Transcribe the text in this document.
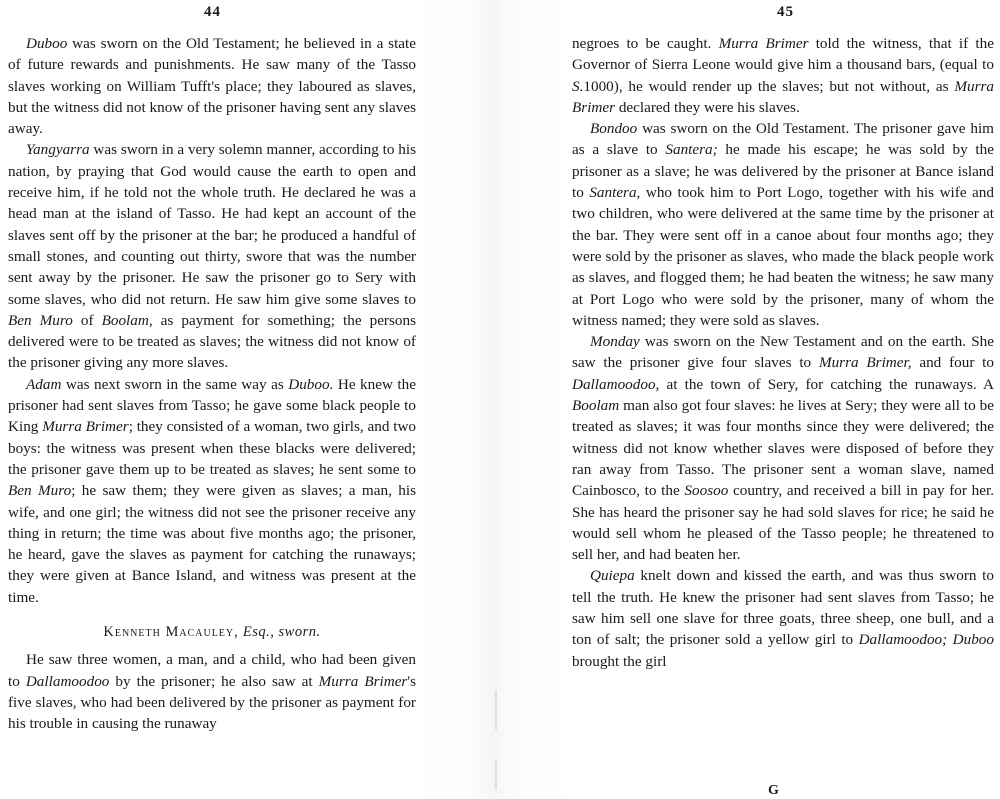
44

Duboo was sworn on the Old Testament; he believed in a state of future rewards and punishments. He saw many of the Tasso slaves working on William Tufft's place; they laboured as slaves, but the witness did not know of the prisoner having sent any slaves away.

Yangyarra was sworn in a very solemn manner, according to his nation, by praying that God would cause the earth to open and receive him, if he told not the whole truth. He declared he was a head man at the island of Tasso. He had kept an account of the slaves sent off by the prisoner at the bar; he produced a handful of small stones, and counting out thirty, swore that was the number sent away by the prisoner. He saw the prisoner go to Sery with some slaves, who did not return. He saw him give some slaves to Ben Muro of Boolam, as payment for something; the persons delivered were to be treated as slaves; the witness did not know of the prisoner giving any more slaves.

Adam was next sworn in the same way as Duboo. He knew the prisoner had sent slaves from Tasso; he gave some black people to King Murra Brimer; they consisted of a woman, two girls, and two boys: the witness was present when these blacks were delivered; the prisoner gave them up to be treated as slaves; he sent some to Ben Muro; he saw them; they were given as slaves; a man, his wife, and one girl; the witness did not see the prisoner receive any thing in return; the time was about five months ago; the prisoner, he heard, gave the slaves as payment for catching the runaways; they were given at Bance Island, and witness was present at the time.

Kenneth Macauley, Esq., sworn.

He saw three women, a man, and a child, who had been given to Dallamoodoo by the prisoner; he also saw at Murra Brimer's five slaves, who had been delivered by the prisoner as payment for his trouble in causing the runaway

45

negroes to be caught. Murra Brimer told the witness, that if the Governor of Sierra Leone would give him a thousand bars, (equal to S.1000), he would render up the slaves; but not without, as Murra Brimer declared they were his slaves.

Bondoo was sworn on the Old Testament. The prisoner gave him as a slave to Santera; he made his escape; he was sold by the prisoner as a slave; he was delivered by the prisoner at Bance island to Santera, who took him to Port Logo, together with his wife and two children, who were delivered at the same time by the prisoner at the bar. They were sent off in a canoe about four months ago; they were sold by the prisoner as slaves, who made the black people work as slaves, and flogged them; he had beaten the witness; he saw many at Port Logo who were sold by the prisoner, many of whom the witness named; they were sold as slaves.

Monday was sworn on the New Testament and on the earth. She saw the prisoner give four slaves to Murra Brimer, and four to Dallamoodoo, at the town of Sery, for catching the runaways. A Boolam man also got four slaves: he lives at Sery; they were all to be treated as slaves; it was four months since they were delivered; the witness did not know whether slaves were disposed of before they ran away from Tasso. The prisoner sent a woman slave, named Cainbosco, to the Soosoo country, and received a bill in pay for her. She has heard the prisoner say he had sold slaves for rice; he said he would sell whom he pleased of the Tasso people; he threatened to sell her, and had beaten her.

Quiepa knelt down and kissed the earth, and was thus sworn to tell the truth. He knew the prisoner had sent slaves from Tasso; he saw him sell one slave for three goats, three sheep, one bull, and a ton of salt; the prisoner sold a yellow girl to Dallamoodoo; Duboo brought the girl

G
